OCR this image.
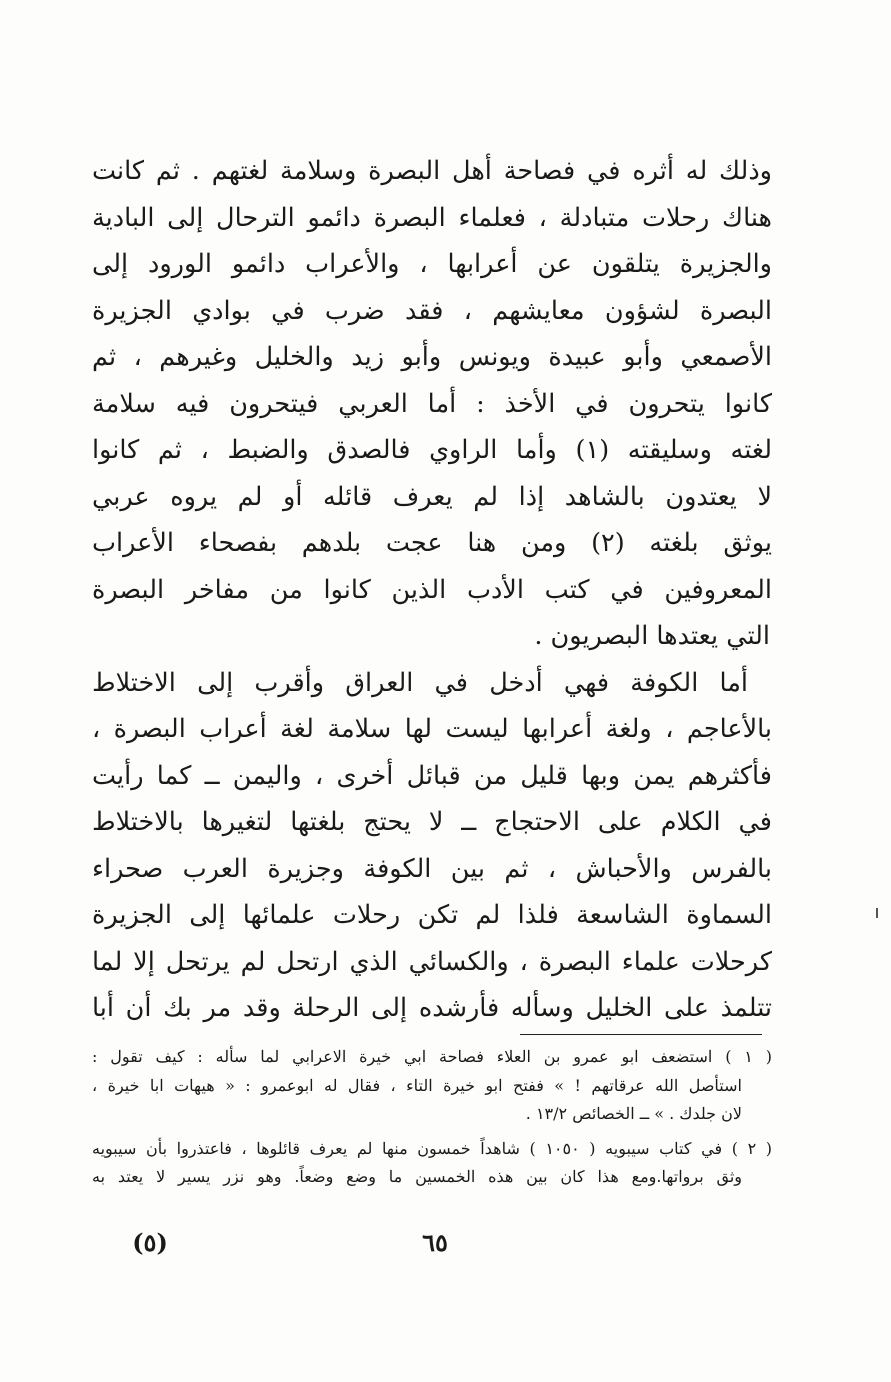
وذلك له أثره في فصاحة أهل البصرة وسلامة لغتهم . ثم كانت
هناك رحلات متبادلة ، فعلماء البصرة دائمو الترحال إلى البادية
والجزيرة يتلقون عن أعرابها ، والأعراب دائمو الورود إلى
البصرة لشؤون معايشهم ، فقد ضرب في بوادي الجزيرة
الأصمعي وأبو عبيدة ويونس وأبو زيد والخليل وغيرهم ، ثم
كانوا يتحرون في الأخذ : أما العربي فيتحرون فيه سلامة
لغته وسليقته (١) وأما الراوي فالصدق والضبط ، ثم كانوا
لا يعتدون بالشاهد إذا لم يعرف قائله أو لم يروه عربي
يوثق بلغته (٢) ومن هنا عجت بلدهم بفصحاء الأعراب
المعروفين في كتب الأدب الذين كانوا من مفاخر البصرة
التي يعتدها البصريون .
أما الكوفة فهي أدخل في العراق وأقرب إلى الاختلاط
بالأعاجم ، ولغة أعرابها ليست لها سلامة لغة أعراب البصرة ،
فأكثرهم يمن وبها قليل من قبائل أخرى ، واليمن ــ كما رأيت
في الكلام على الاحتجاج ــ لا يحتج بلغتها لتغيرها بالاختلاط
بالفرس والأحباش ، ثم بين الكوفة وجزيرة العرب صحراء
السماوة الشاسعة فلذا لم تكن رحلات علمائها إلى الجزيرة
كرحلات علماء البصرة ، والكسائي الذي ارتحل لم يرتحل إلا لما
تتلمذ على الخليل وسأله فأرشده إلى الرحلة وقد مر بك أن أبا
( ١ ) استضعف ابو عمرو بن العلاء فصاحة ابي خيرة الاعرابي لما سأله : كيف تقول :
استأصل الله عرقاتهم ! » ففتح ابو خيرة التاء ، فقال له ابوعمرو : « هيهات ابا خيرة ،
لان جلدك . » ــ الخصائص ١٣/٢ .
( ٢ ) في كتاب سيبويه ( ١٠٥٠ ) شاهداً خمسون منها لم يعرف قائلوها ، فاعتذروا بأن سيبويه
وثق برواتها.ومع هذا كان بين هذه الخمسين ما وضع وضعاً. وهو نزر يسير لا يعتد به
٦٥
(٥)
